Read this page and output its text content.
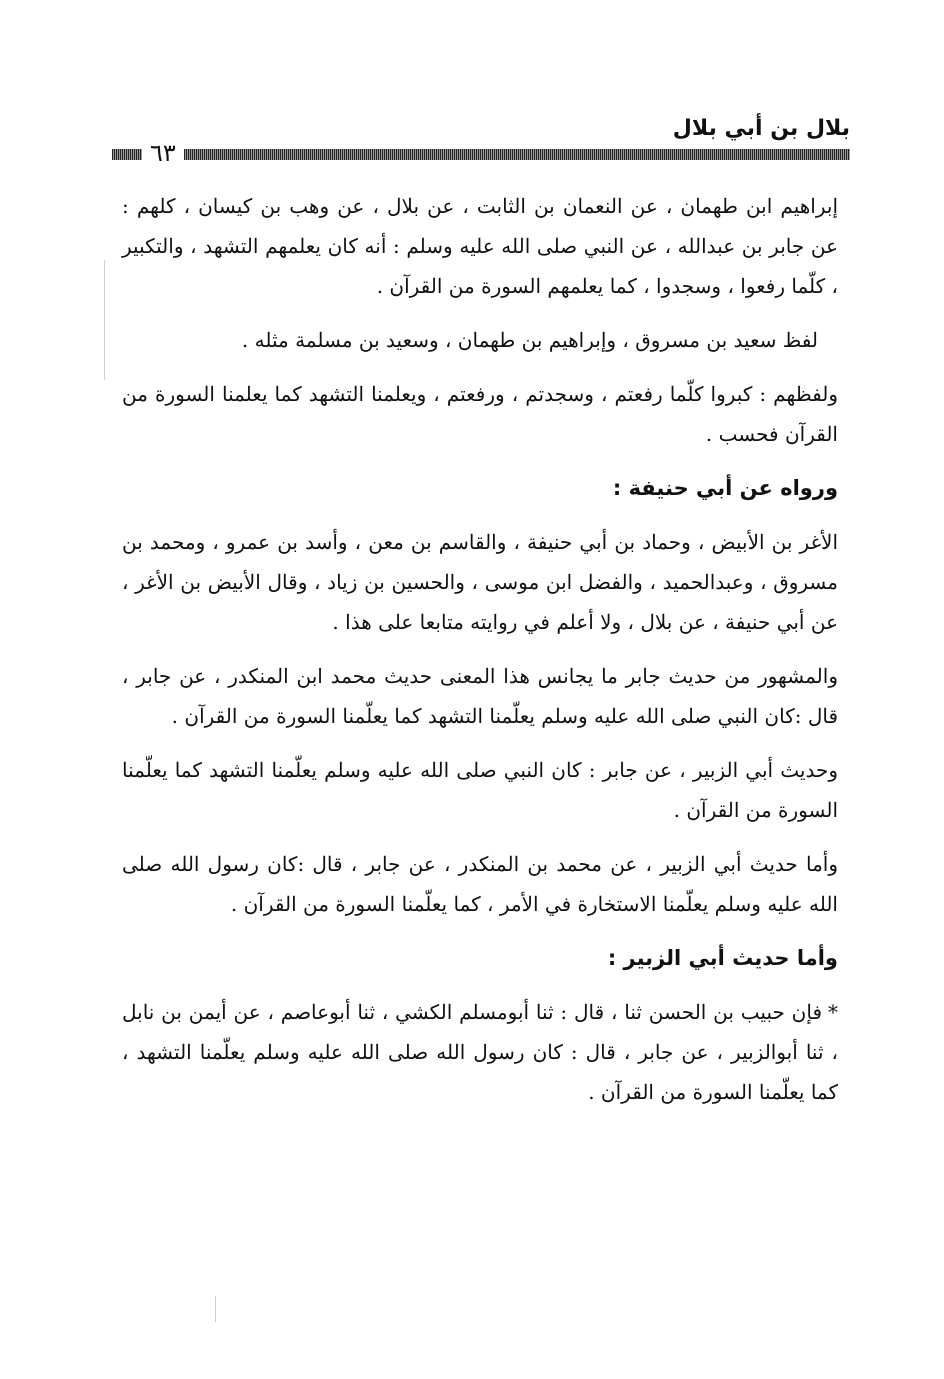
٦٣
بلال بن أبي بلال

إبراهيم ابن طهمان ، عن النعمان بن الثابت ، عن بلال ، عن وهب بن كيسان ، كلهم : عن جابر بن عبدالله ، عن النبي صلى الله عليه وسلم : أنه كان يعلمهم التشهد ، والتكبير ، كلّما رفعوا ، وسجدوا ، كما يعلمهم السورة من القرآن .

لفظ سعيد بن مسروق ، وإبراهيم بن طهمان ، وسعيد بن مسلمة مثله .

ولفظهم : كبروا كلّما رفعتم ، وسجدتم ، ورفعتم ، ويعلمنا التشهد كما يعلمنا السورة من القرآن فحسب .

ورواه عن أبي حنيفة :

الأغر بن الأبيض ، وحماد بن أبي حنيفة ، والقاسم بن معن ، وأسد بن عمرو ، ومحمد بن مسروق ، وعبدالحميد ، والفضل ابن موسى ، والحسين بن زياد ، وقال الأبيض بن الأغر ، عن أبي حنيفة ، عن بلال ، ولا أعلم في روايته متابعا على هذا .

والمشهور من حديث جابر ما يجانس هذا المعنى حديث محمد ابن المنكدر ، عن جابر ، قال :كان النبي صلى الله عليه وسلم يعلّمنا التشهد كما يعلّمنا السورة من القرآن .

وحديث أبي الزبير ، عن جابر : كان النبي صلى الله عليه وسلم يعلّمنا التشهد كما يعلّمنا السورة من القرآن .

وأما حديث أبي الزبير ، عن محمد بن المنكدر ، عن جابر ، قال :كان رسول الله صلى الله عليه وسلم يعلّمنا الاستخارة في الأمر ، كما يعلّمنا السورة من القرآن .

وأما حديث أبي الزبير :

*فإن حبيب بن الحسن ثنا ، قال : ثنا أبومسلم الكشي ، ثنا أبوعاصم ، عن أيمن بن نابل ، ثنا أبوالزبير ، عن جابر ، قال : كان رسول الله صلى الله عليه وسلم يعلّمنا التشهد ، كما يعلّمنا السورة من القرآن .
